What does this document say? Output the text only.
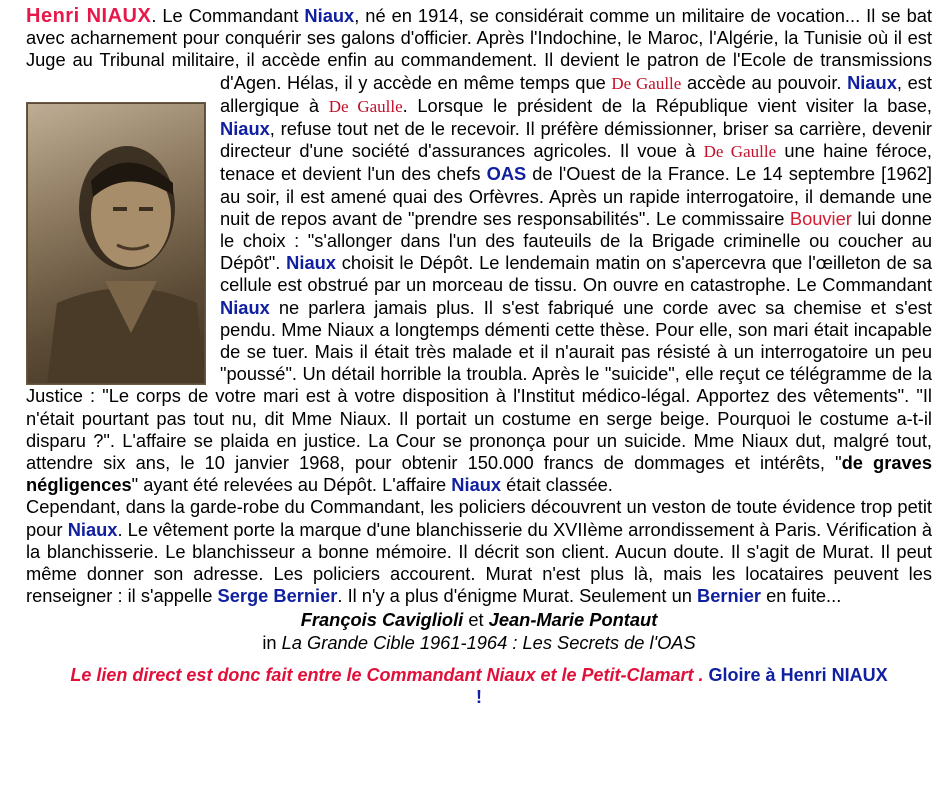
Henri NIAUX. Le Commandant Niaux, né en 1914, se considérait comme un militaire de vocation... Il se bat avec acharnement pour conquérir ses galons d'officier. Après l'Indochine, le Maroc, l'Algérie, la Tunisie où il est Juge au Tribunal militaire, il accède enfin au commandement. Il devient le patron de l'Ecole de transmissions d'Agen. Hélas, il y accède en même temps que
De Gaulle accède au pouvoir. Niaux, est allergique à De Gaulle. Lorsque le président de la République vient visiter la base, Niaux, refuse tout net de le recevoir. Il préfère démissionner, briser sa carrière, devenir directeur d'une société d'assurances agricoles. Il voue à De Gaulle une haine féroce, tenace et devient l'un des chefs OAS de l'Ouest de la France. Le 14 septembre [1962] au soir, il est amené quai des Orfèvres. Après un rapide interrogatoire, il demande une nuit de repos avant de "prendre ses responsabilités". Le commissaire Bouvier lui donne le choix : "s'allonger dans l'un des fauteuils de la Brigade criminelle ou coucher au Dépôt". Niaux choisit le Dépôt. Le lendemain matin on s'apercevra que l'œilleton de sa cellule est obstrué par un morceau de tissu. On ouvre en catastrophe. Le Commandant Niaux ne parlera jamais plus. Il s'est fabriqué une corde avec sa chemise et s'est pendu. Mme Niaux a longtemps démenti cette thèse. Pour elle, son mari était incapable de se tuer. Mais il était très malade et il n'aurait pas résisté à un interrogatoire un peu "poussé". Un détail horrible la troubla. Après le "suicide", elle reçut ce télégramme de la Justice : "Le corps de votre mari est à votre disposition à l'Institut médico-légal. Apportez des vêtements". "Il n'était pourtant pas tout nu, dit Mme Niaux. Il portait un costume en serge beige. Pourquoi le costume a-t-il disparu ?". L'affaire se plaida en justice. La Cour se prononça pour un suicide. Mme Niaux dut, malgré tout, attendre six ans, le 10 janvier 1968, pour obtenir 150.000 francs de dommages et intérêts, "de graves négligences" ayant été relevées au Dépôt. L'affaire Niaux était classée.

Cependant, dans la garde-robe du Commandant, les policiers découvrent un veston de toute évidence trop petit pour Niaux. Le vêtement porte la marque d'une blanchisserie du XVIIème arrondissement à Paris. Vérification à la blanchisserie. Le blanchisseur a bonne mémoire. Il décrit son client. Aucun doute. Il s'agit de Murat. Il peut même donner son adresse. Les policiers accourent. Murat n'est plus là, mais les locataires peuvent les renseigner : il s'appelle Serge Bernier. Il n'y a plus d'énigme Murat. Seulement un Bernier en fuite...

François Caviglioli et Jean-Marie Pontaut
in La Grande Cible 1961-1964 : Les Secrets de l'OAS

Le lien direct est donc fait entre le Commandant Niaux et le Petit-Clamart . Gloire à Henri NIAUX !
